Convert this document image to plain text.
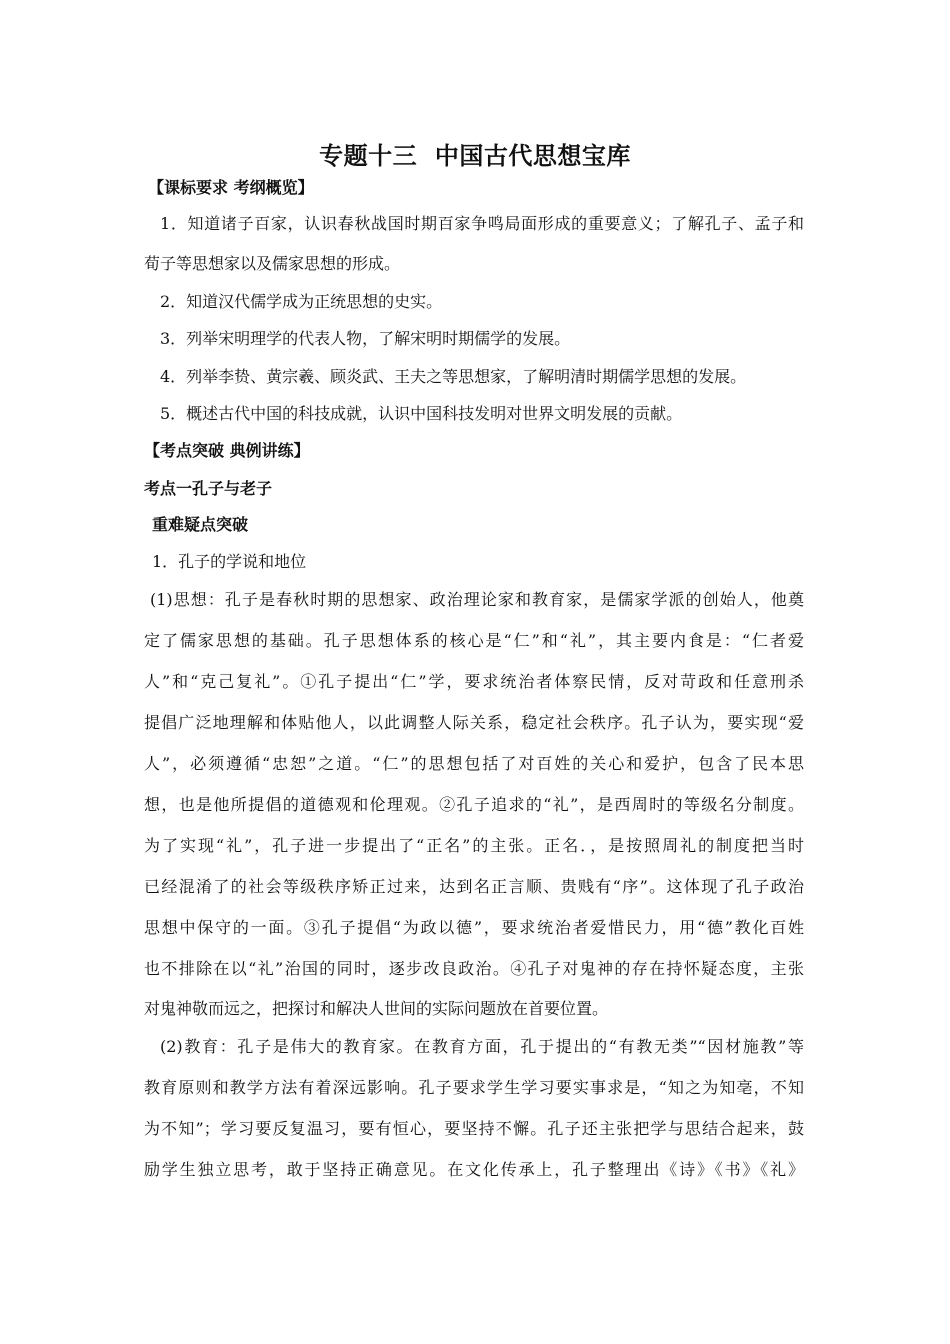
专题十三  中国古代思想宝库
【课标要求 考纲概览】
1．知道诸子百家，认识春秋战国时期百家争鸣局面形成的重要意义；了解孔子、孟子和
荀子等思想家以及儒家思想的形成。
2．知道汉代儒学成为正统思想的史实。
3．列举宋明理学的代表人物，了解宋明时期儒学的发展。
4．列举李贽、黄宗羲、顾炎武、王夫之等思想家，了解明清时期儒学思想的发展。
5．概述古代中国的科技成就，认识中国科技发明对世界文明发展的贡献。
【考点突破 典例讲练】
考点一孔子与老子
重难疑点突破
1．孔子的学说和地位
(1)思想：孔子是春秋时期的思想家、政治理论家和教育家，是儒家学派的创始人，他奠
定了儒家思想的基础。孔子思想体系的核心是“仁”和“礼”，其主要内食是：“仁者爱
人”和“克己复礼”。①孔子提出“仁”学，要求统治者体察民情，反对苛政和任意刑杀
提倡广泛地理解和体贴他人，以此调整人际关系，稳定社会秩序。孔子认为，要实现“爱
人”，必须遵循“忠恕”之道。“仁”的思想包括了对百姓的关心和爱护，包含了民本思
想，也是他所提倡的道德观和伦理观。②孔子追求的“礼”，是西周时的等级名分制度。
为了实现“礼”，孔子进一步提出了“正名”的主张。正名．，是按照周礼的制度把当时
已经混淆了的社会等级秩序矫正过来，达到名正言顺、贵贱有“序”。这体现了孔子政治
思想中保守的一面。③孔子提倡“为政以德”，要求统治者爱惜民力，用“德”教化百姓
也不排除在以“礼”治国的同时，逐步改良政治。④孔子对鬼神的存在持怀疑态度，主张
对鬼神敬而远之，把探讨和解决人世间的实际问题放在首要位置。
(2)教育：孔子是伟大的教育家。在教育方面，孔于提出的“有教无类”“因材施教”等
教育原则和教学方法有着深远影响。孔子要求学生学习要实事求是，“知之为知亳，不知
为不知”；学习要反复温习，要有恒心，要坚持不懈。孔子还主张把学与思结合起来，鼓
励学生独立思考，敢于坚持正确意见。在文化传承上，孔子整理出《诗》《书》《礼》
